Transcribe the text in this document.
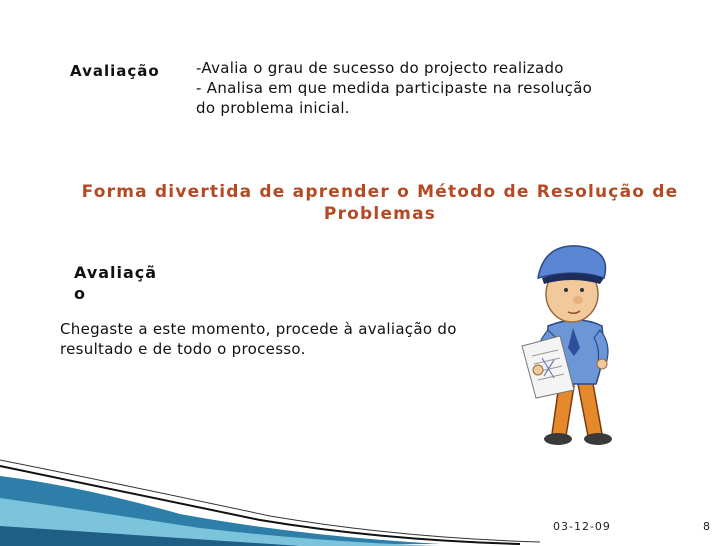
Avaliação -Avalia o grau de sucesso do projecto realizado
- Analisa em que medida participaste na resolução
do problema inicial.
Forma divertida de aprender o Método de Resolução de
Problemas
Avaliaçã
o
Chegaste a este momento, procede à avaliação do
resultado e de todo o processo.
03-12-09	8
